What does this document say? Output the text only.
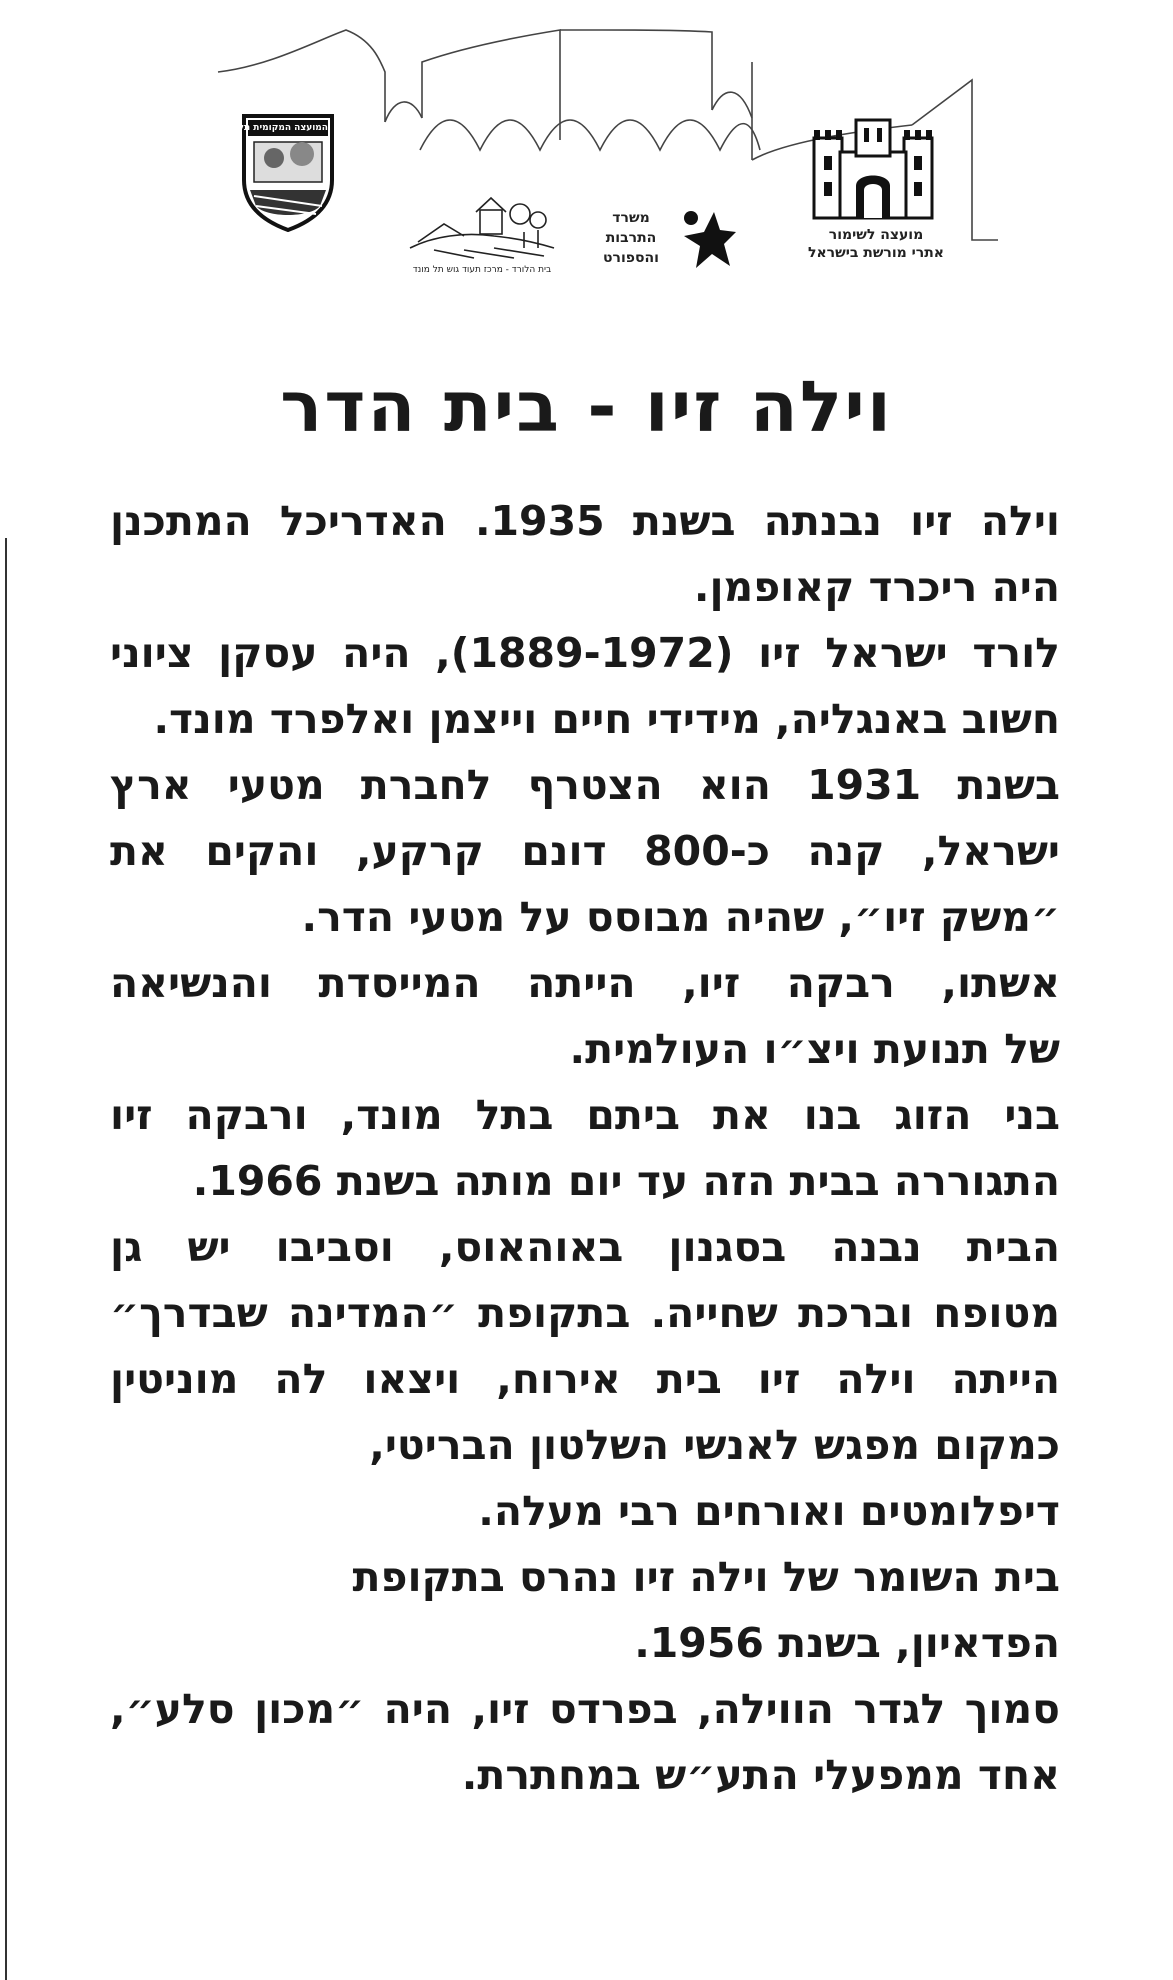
המועצה המקומית תל מונד
בית הלורד - מרכז תעוד גוש תל מונד
משרד
התרבות
והספורט
מועצה לשימור
אתרי מורשת בישראל
וילה זיו - בית הדר
וילה זיו נבנתה בשנת 1935. האדריכל המתכנן
היה ריכרד קאופמן.
לורד ישראל זיו (1889-1972), היה עסקן ציוני
חשוב באנגליה, מידידי חיים וייצמן ואלפרד מונד.
בשנת 1931 הוא הצטרף לחברת מטעי ארץ
ישראל, קנה כ-800 דונם קרקע, והקים את
״משק זיו״, שהיה מבוסס על מטעי הדר.
אשתו, רבקה זיו, הייתה המייסדת והנשיאה
של תנועת ויצ״ו העולמית.
בני הזוג בנו את ביתם בתל מונד, ורבקה זיו
התגוררה בבית הזה עד יום מותה בשנת 1966.
הבית נבנה בסגנון באוהאוס, וסביבו יש גן
מטופח וברכת שחייה. בתקופת ״המדינה שבדרך״
הייתה וילה זיו בית אירוח, ויצאו לה מוניטין
כמקום מפגש לאנשי השלטון הבריטי,
דיפלומטים ואורחים רבי מעלה.
בית השומר של וילה זיו נהרס בתקופת
הפדאיון, בשנת 1956.
סמוך לגדר הווילה, בפרדס זיו, היה ״מכון סלע״,
אחד ממפעלי התע״ש במחתרת.
